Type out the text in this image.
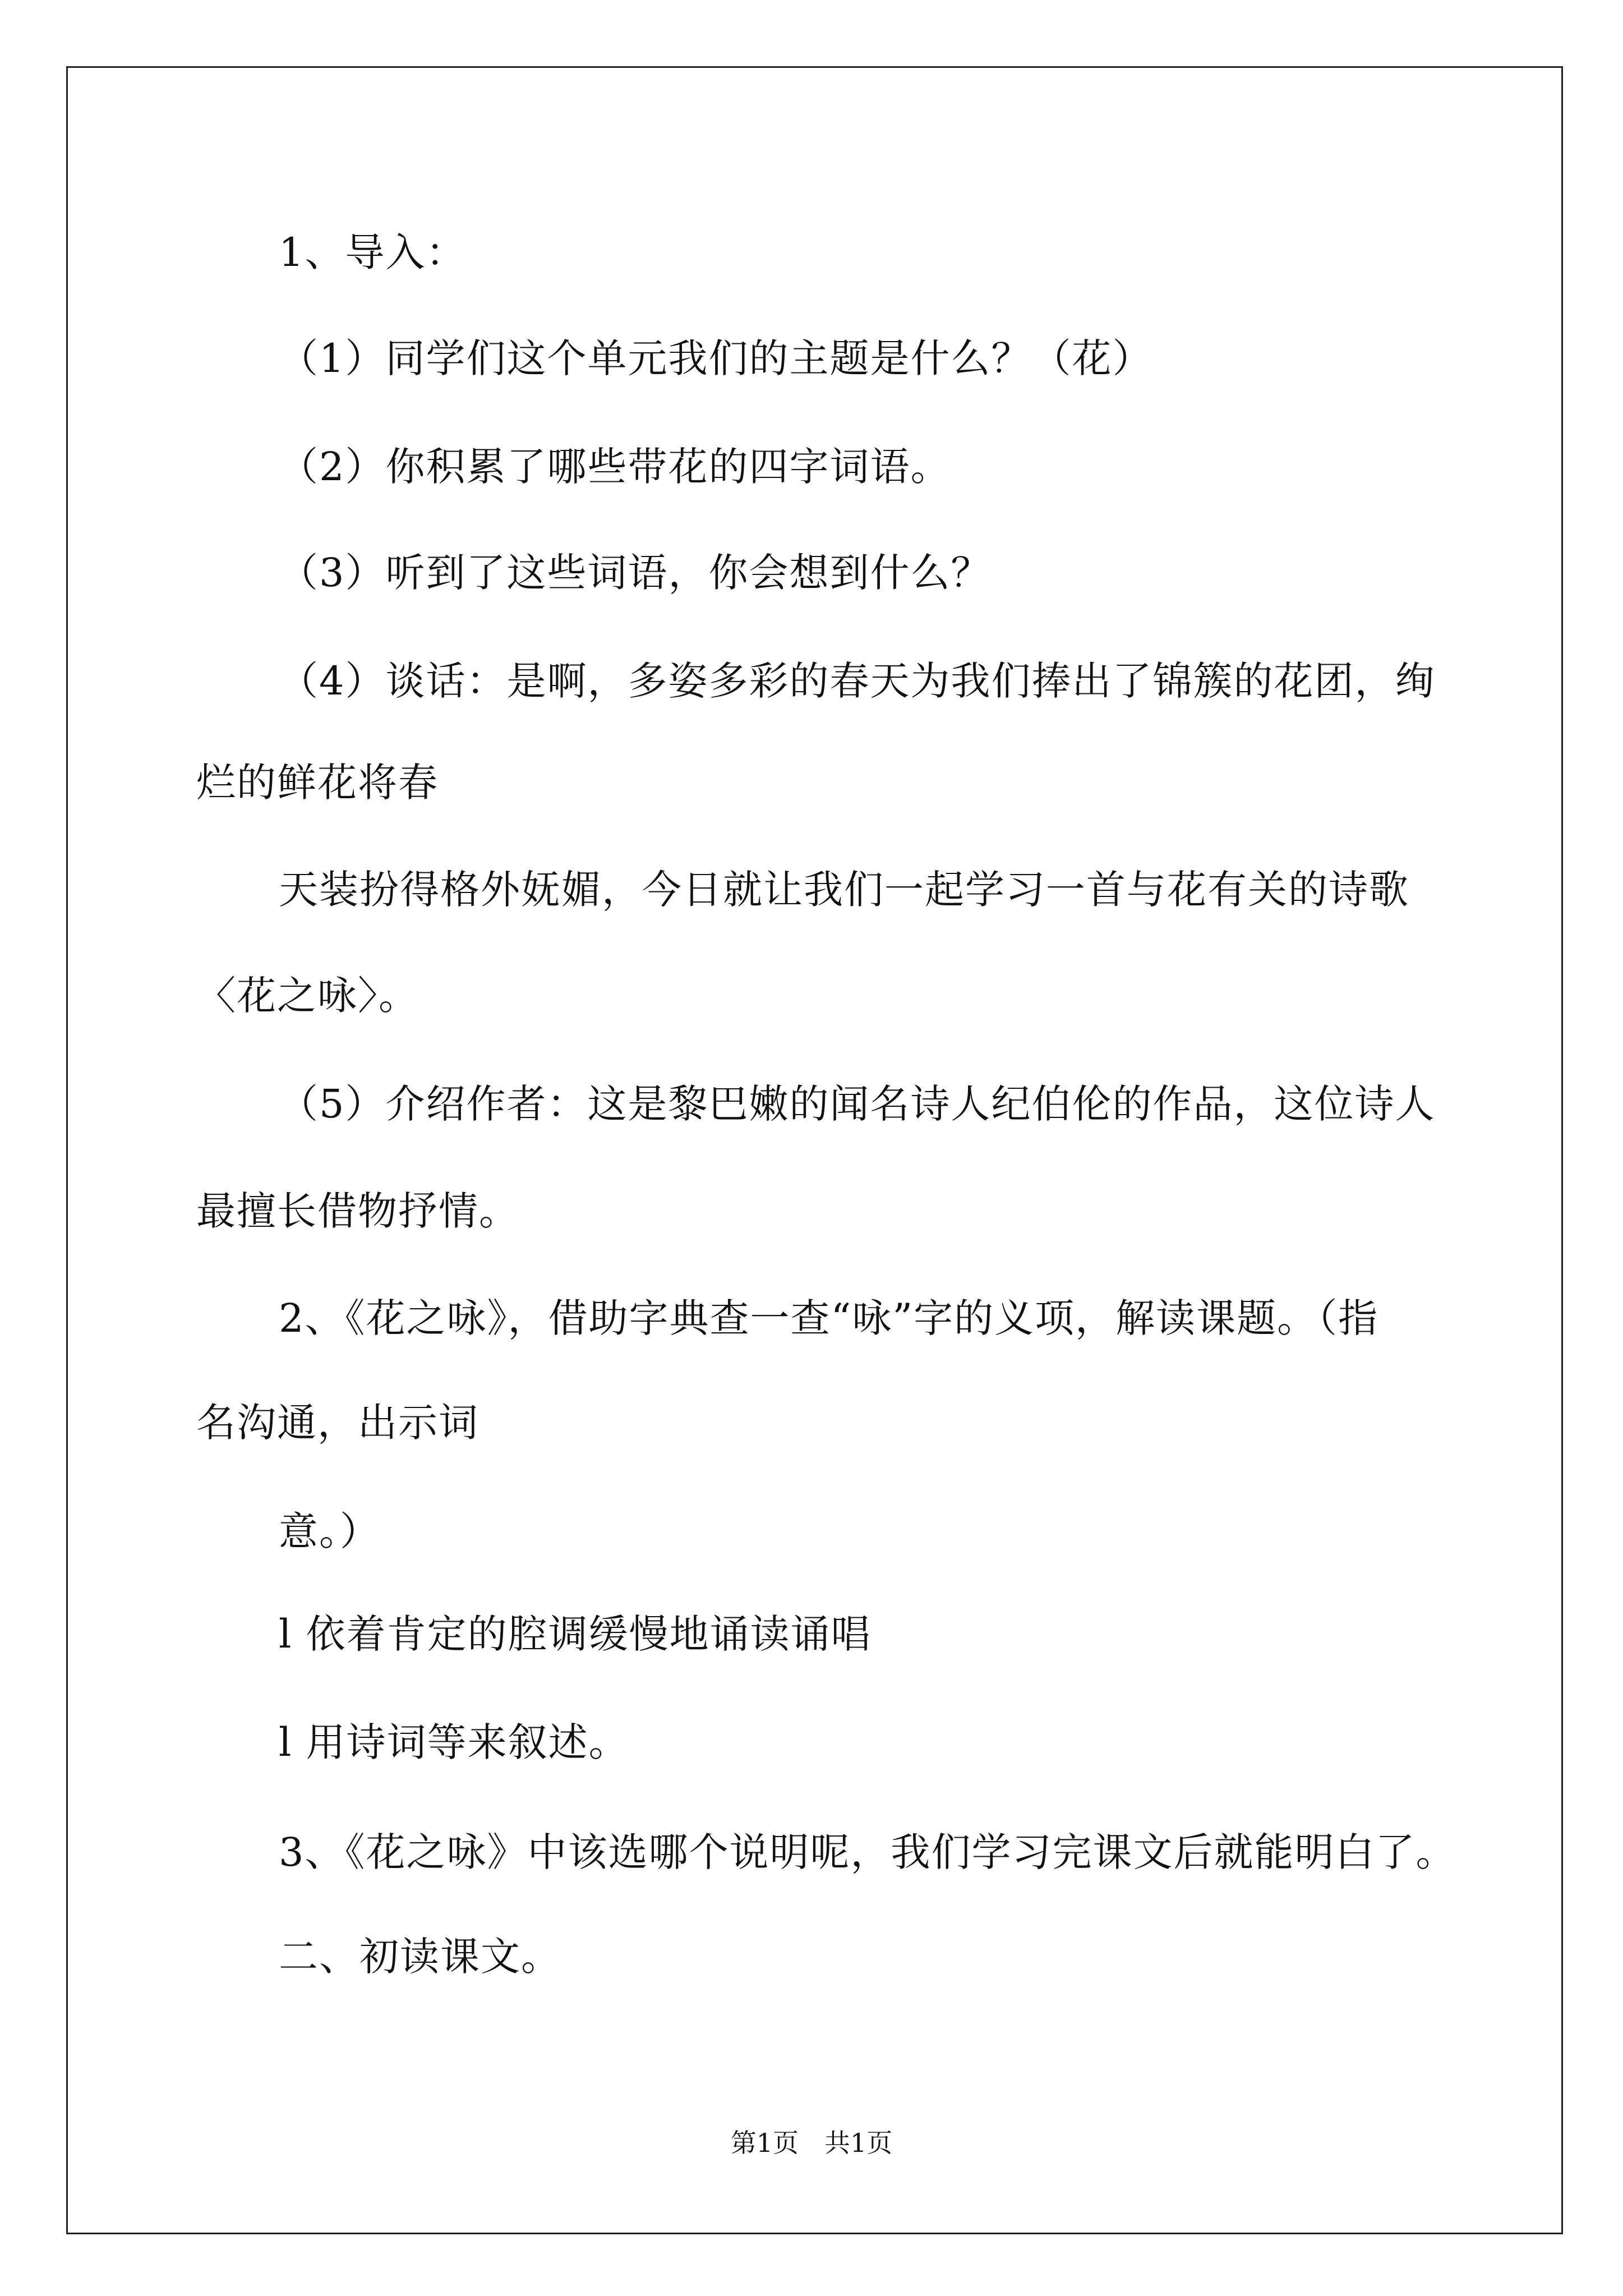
1、导入：
（1）同学们这个单元我们的主题是什么？（花）
（2）你积累了哪些带花的四字词语。
（3）听到了这些词语，你会想到什么？
（4）谈话：是啊，多姿多彩的春天为我们捧出了锦簇的花团，绚
烂的鲜花将春
天装扮得格外妩媚，今日就让我们一起学习一首与花有关的诗歌
〈花之咏〉。
（5）介绍作者：这是黎巴嫩的闻名诗人纪伯伦的作品，这位诗人
最擅长借物抒情。
2、《花之咏》，借助字典查一查“咏”字的义项，解读课题。（指
名沟通，出示词
意。）
l 依着肯定的腔调缓慢地诵读诵唱
l 用诗词等来叙述。
3、《花之咏》中该选哪个说明呢，我们学习完课文后就能明白了。
二、初读课文。
第1页　共1页
